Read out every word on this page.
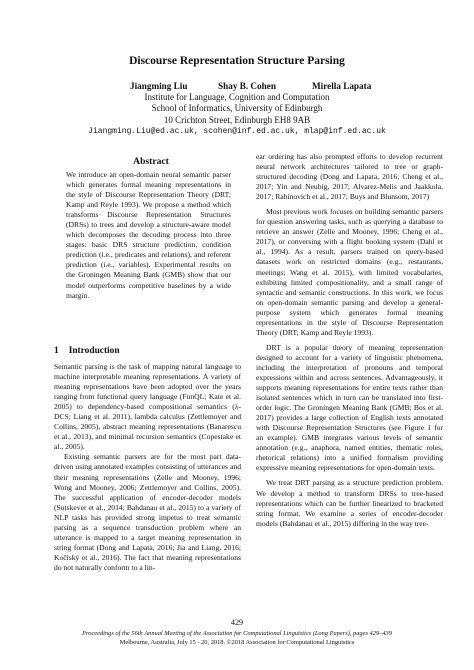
Discourse Representation Structure Parsing
Jiangming Liu	Shay B. Cohen	Mirella Lapata
Institute for Language, Cognition and Computation
School of Informatics, University of Edinburgh
10 Crichton Street, Edinburgh EH8 9AB
Jiangming.Liu@ed.ac.uk, scohen@inf.ed.ac.uk, mlap@inf.ed.ac.uk
Abstract

We introduce an open-domain neural semantic parser which generates formal meaning representations in the style of Discourse Representation Theory (DRT; Kamp and Reyle 1993). We propose a method which transforms Discourse Representation Structures (DRSs) to trees and develop a structure-aware model which decomposes the decoding process into three stages: basic DRS structure prediction, condition prediction (i.e., predicates and relations), and referent prediction (i.e., variables). Experimental results on the Groningen Meaning Bank (GMB) show that our model outperforms competitive baselines by a wide margin.

1 Introduction

Semantic parsing is the task of mapping natural language to machine interpretable meaning representations. A variety of meaning representations have been adopted over the years ranging from functional query language (FunQL; Kate et al. 2005) to dependency-based compositional semantics (λ-DCS; Liang et al. 2011), lambda calculus (Zettlemoyer and Collins, 2005), abstract meaning representations (Banarescu et al., 2013), and minimal recursion semantics (Copestake et al., 2005).

Existing semantic parsers are for the most part data-driven using annotated examples consisting of utterances and their meaning representations (Zelle and Mooney, 1996; Wong and Mooney, 2006; Zettlemoyer and Collins, 2005). The successful application of encoder-decoder models (Sutskever et al., 2014; Bahdanau et al., 2015) to a variety of NLP tasks has provided strong impetus to treat semantic parsing as a sequence transduction problem where an utterance is mapped to a target meaning representation in string format (Dong and Lapata, 2016; Jia and Liang, 2016; Kočiský et al., 2016). The fact that meaning representations do not naturally conform to a lin-

ear ordering has also prompted efforts to develop recurrent neural network architectures tailored to tree or graph-structured decoding (Dong and Lapata, 2016; Cheng et al., 2017; Yin and Neubig, 2017; Alvarez-Melis and Jaakkola, 2017; Rabinovich et al., 2017; Buys and Blunsom, 2017)

Most previous work focuses on building semantic parsers for question answering tasks, such as querying a database to retrieve an answer (Zelle and Mooney, 1996; Cheng et al., 2017), or conversing with a flight booking system (Dahl et al., 1994). As a result, parsers trained on query-based datasets work on restricted domains (e.g., restaurants, meetings; Wang et al. 2015), with limited vocabularies, exhibiting limited compositionality, and a small range of syntactic and semantic constructions. In this work, we focus on open-domain semantic parsing and develop a general-purpose system which generates formal meaning representations in the style of Discourse Representation Theory (DRT; Kamp and Reyle 1993).

DRT is a popular theory of meaning representation designed to account for a variety of linguistic phenomena, including the interpretation of pronouns and temporal expressions within and across sentences. Advantageously, it supports meaning representations for entire texts rather than isolated sentences which in turn can be translated into first-order logic. The Groningen Meaning Bank (GMB; Bos et al. 2017) provides a large collection of English texts annotated with Discourse Representation Structures (see Figure 1 for an example). GMB integrates various levels of semantic annotation (e.g., anaphora, named entities, thematic roles, rhetorical relations) into a unified formalism providing expressive meaning representations for open-domain texts.

We treat DRT parsing as a structure prediction problem. We develop a method to transform DRSs to tree-based representations which can be further linearized to bracketed string format. We examine a series of encoder-decoder models (Bahdanau et al., 2015) differing in the way tree-

429
Proceedings of the 56th Annual Meeting of the Association for Computational Linguistics (Long Papers), pages 429–439
Melbourne, Australia, July 15 - 20, 2018. ©2018 Association for Computational Linguistics
